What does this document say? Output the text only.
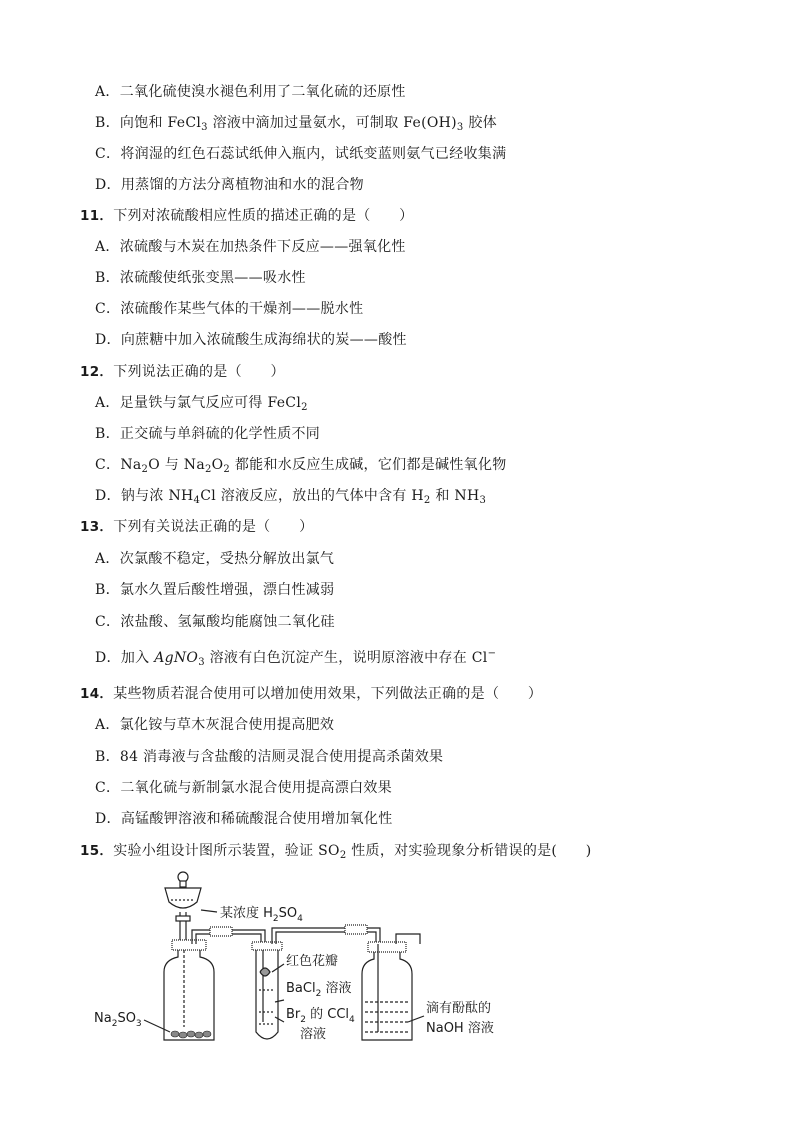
A．二氧化硫使溴水褪色利用了二氧化硫的还原性
B．向饱和 FeCl$_3$ 溶液中滴加过量氨水，可制取 $Fe(OH)_3$ 胶体
C．将润湿的红色石蕊试纸伸入瓶内，试纸变蓝则氨气已经收集满
D．用蒸馏的方法分离植物油和水的混合物
11．下列对浓硫酸相应性质的描述正确的是（　　）
A．浓硫酸与木炭在加热条件下反应——强氧化性
B．浓硫酸使纸张变黑——吸水性
C．浓硫酸作某些气体的干燥剂——脱水性
D．向蔗糖中加入浓硫酸生成海绵状的炭——酸性
12．下列说法正确的是（　　）
A．足量铁与氯气反应可得 FeCl$_2$
B．正交硫与单斜硫的化学性质不同
C．$Na_2O$ 与 $Na_2O_2$ 都能和水反应生成碱，它们都是碱性氧化物
D．钠与浓 $NH_4Cl$ 溶液反应，放出的气体中含有 $H_2$ 和 $NH_3$
13．下列有关说法正确的是（　　）
A．次氯酸不稳定，受热分解放出氯气
B．氯水久置后酸性增强，漂白性减弱
C．浓盐酸、氢氟酸均能腐蚀二氧化硅
D．加入 AgNO$_3$ 溶液有白色沉淀产生，说明原溶液中存在 Cl−
14．某些物质若混合使用可以增加使用效果，下列做法正确的是（　　）
A．氯化铵与草木灰混合使用提高肥效
B．84 消毒液与含盐酸的洁厕灵混合使用提高杀菌效果
C．二氧化硫与新制氯水混合使用提高漂白效果
D．高锰酸钾溶液和稀硫酸混合使用增加氧化性
15．实验小组设计图所示装置，验证 $SO_2$ 性质，对实验现象分析错误的是(　　)
某浓度 $H_2SO_4$
红色花瓣
BaCl$_2$ 溶液
$Br_2$ 的 CCl$_4$
溶液
$Na_2SO_3$
滴有酚酞的
NaOH 溶液
